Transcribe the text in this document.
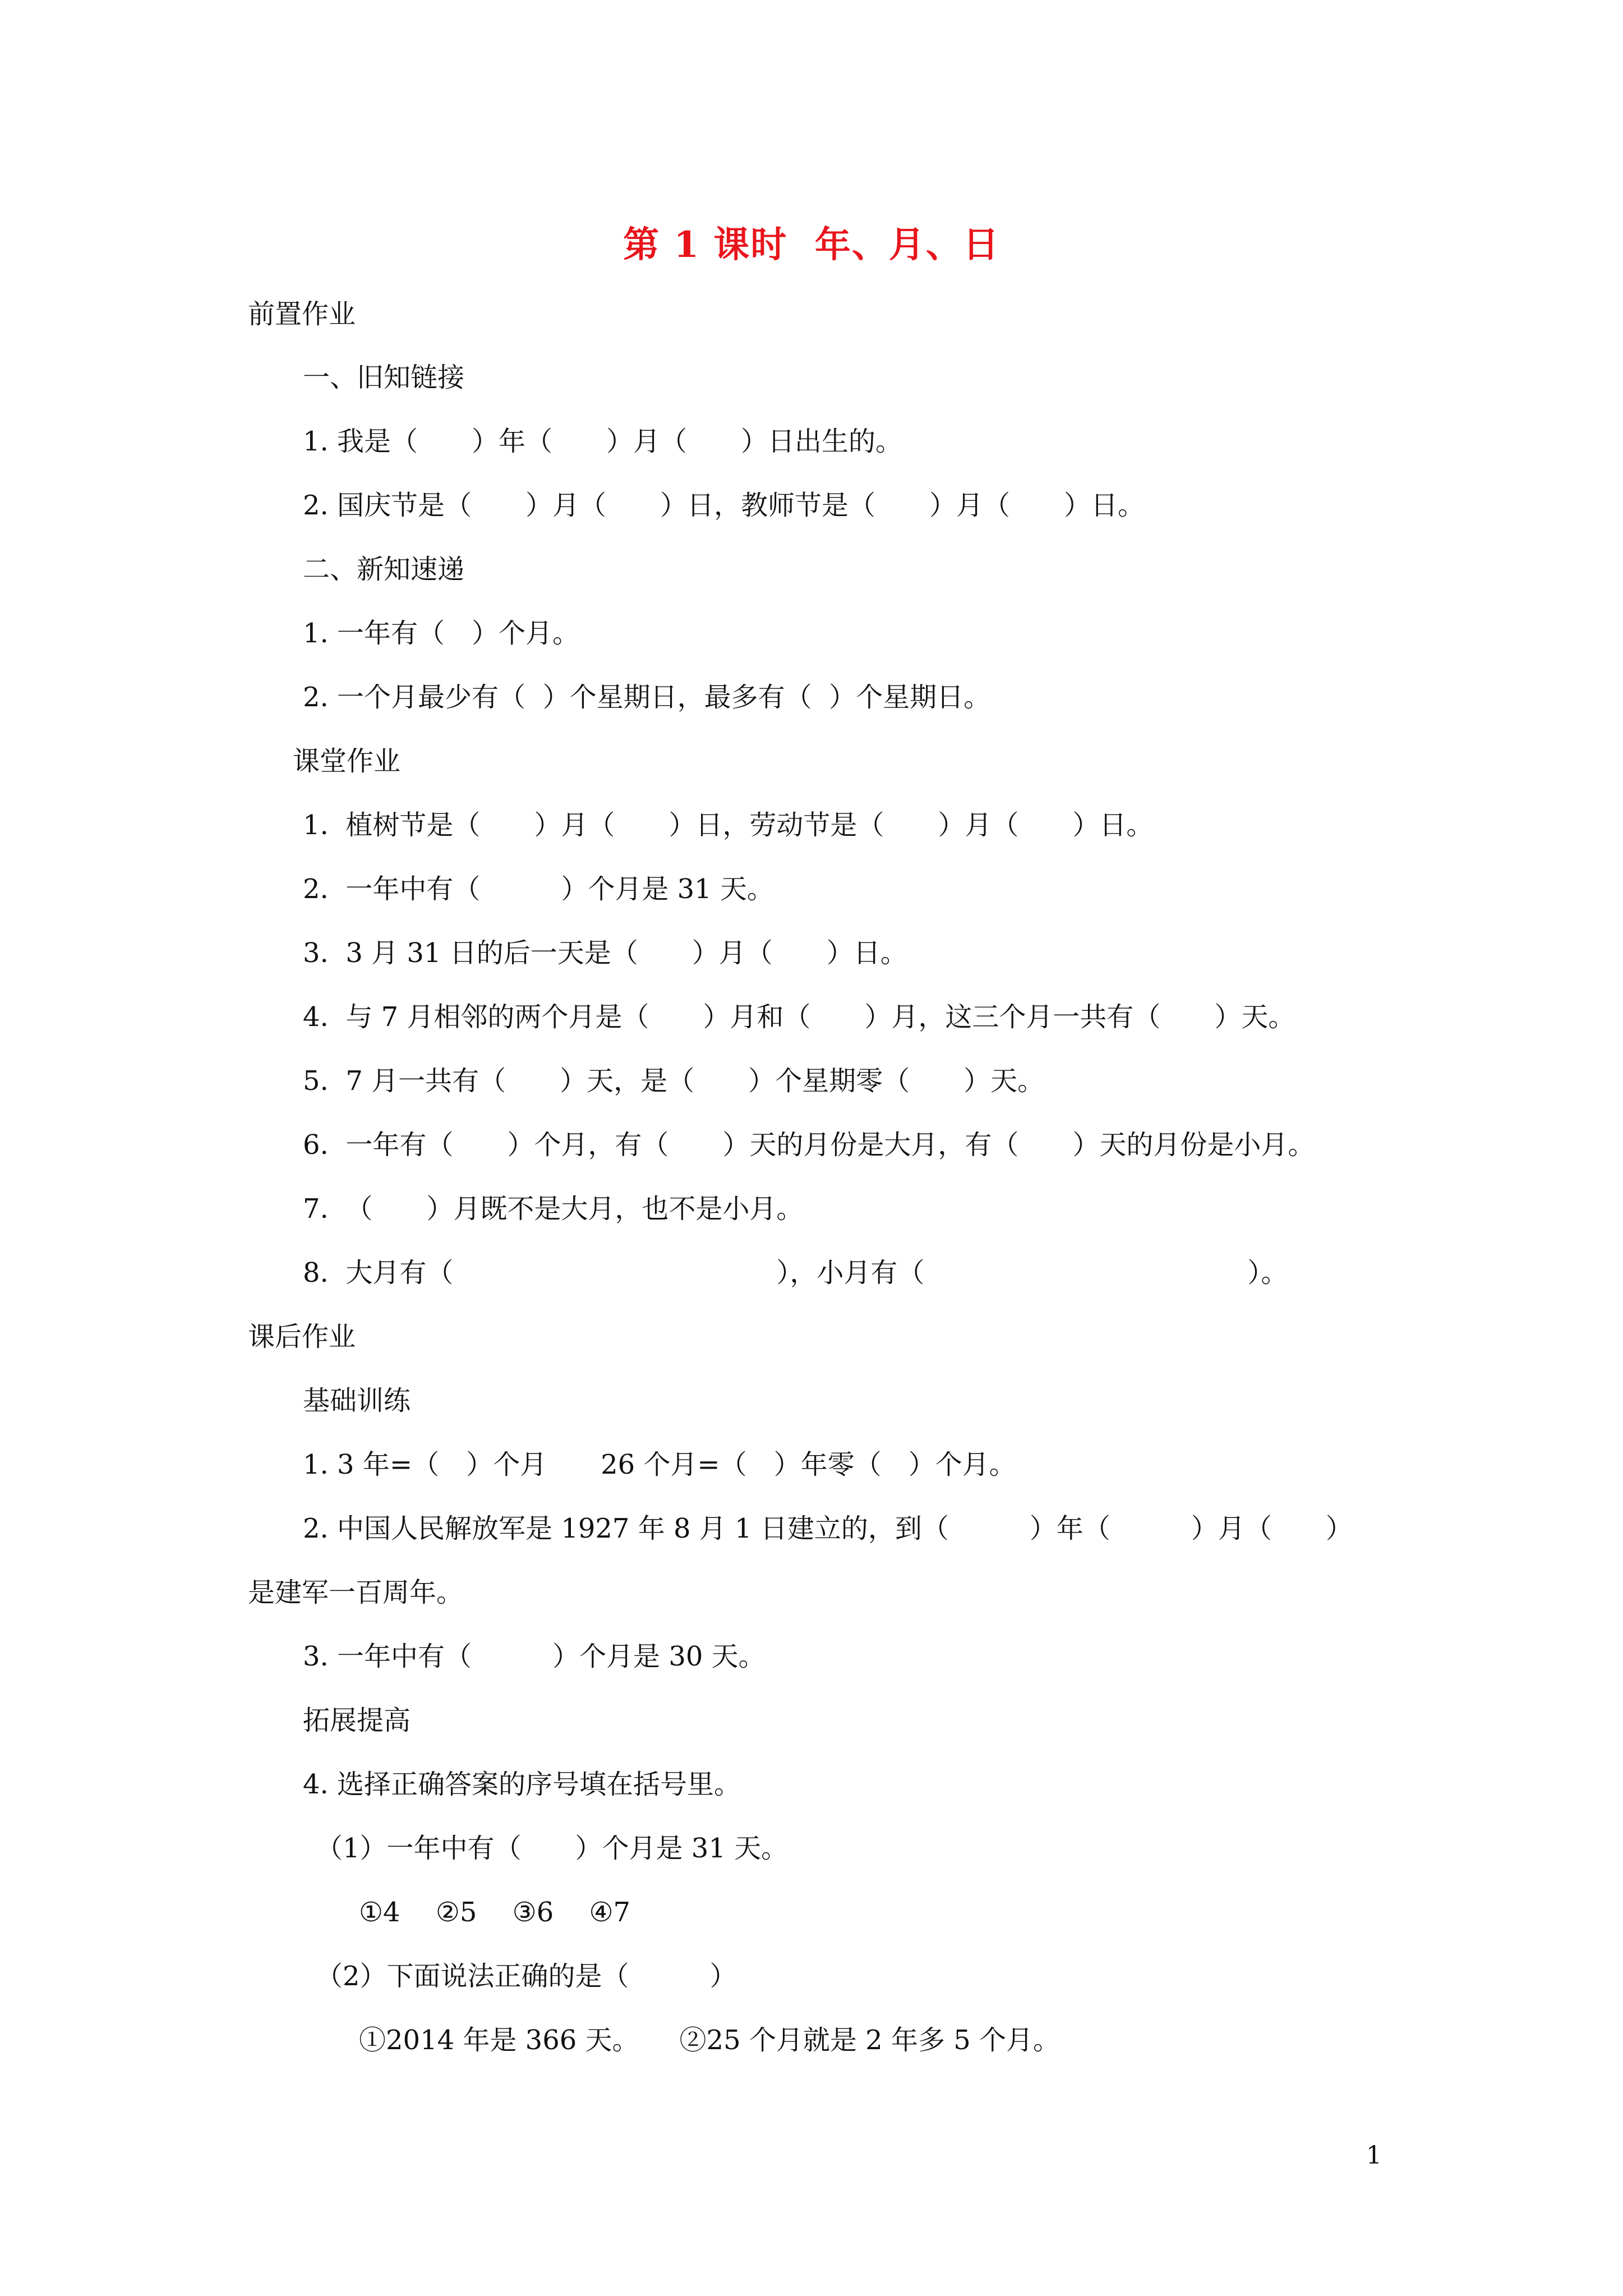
第 1 课时  年、月、日
前置作业
一、旧知链接
1. 我是（　　）年（　　）月（　　）日出生的。
2. 国庆节是（　　）月（　　）日，教师节是（　　）月（　　）日。
二、新知速递
1. 一年有（　）个月。
2. 一个月最少有（  ）个星期日，最多有（  ）个星期日。
课堂作业
1.  植树节是（　　）月（　　）日，劳动节是（　　）月（　　）日。
2.  一年中有（　　　）个月是 31 天。
3.  3 月 31 日的后一天是（　　）月（　　）日。
4.  与 7 月相邻的两个月是（　　）月和（　　）月，这三个月一共有（　　）天。
5.  7 月一共有（　　）天，是（　　）个星期零（　　）天。
6.  一年有（　　）个月，有（　　）天的月份是大月，有（　　）天的月份是小月。
7.  （　　）月既不是大月，也不是小月。
8.  大月有（　　　　　　　　　　　　），小月有（　　　　　　　　　　　　）。
课后作业
基础训练
1. 3 年=（　）个月　　26 个月=（　）年零（　）个月。
2. 中国人民解放军是 1927 年 8 月 1 日建立的，到（　　　）年（　　　）月（　　）
是建军一百周年。
3. 一年中有（　　　）个月是 30 天。
拓展提高
4. 选择正确答案的序号填在括号里。
（1）一年中有（　　）个月是 31 天。
①4　 ②5　 ③6　 ④7
（2）下面说法正确的是（　　　）
①2014 年是 366 天。　　②25 个月就是 2 年多 5 个月。
1
